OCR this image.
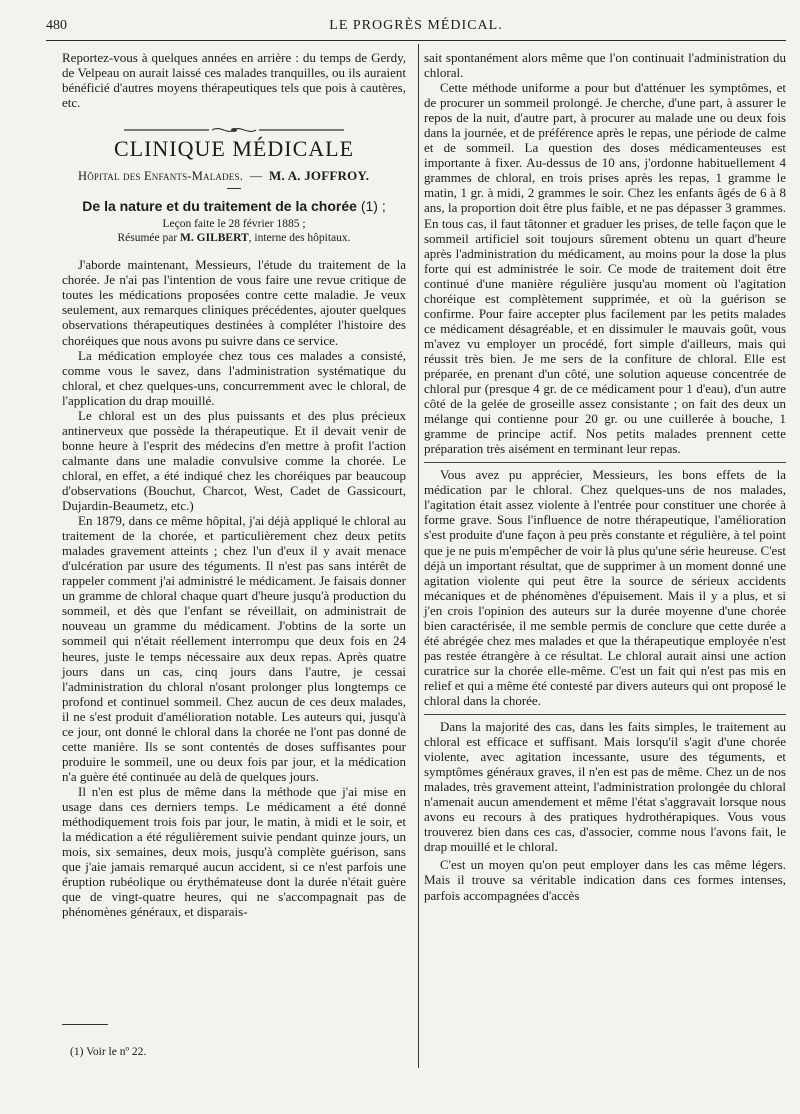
480	LE PROGRÈS MÉDICAL.

Reportez-vous à quelques années en arrière : du temps de Gerdy, de Velpeau on aurait laissé ces malades tranquilles, ou ils auraient bénéficié d'autres moyens thérapeutiques tels que pois à cautères, etc.

CLINIQUE MÉDICALE

Hôpital des Enfants-Malades. — M. A. JOFFROY.

De la nature et du traitement de la chorée (1) ;
Leçon faite le 28 février 1885 ;
Résumée par M. GILBERT, interne des hôpitaux.

J'aborde maintenant, Messieurs, l'étude du traitement de la chorée. Je n'ai pas l'intention de vous faire une revue critique de toutes les médications proposées contre cette maladie. Je veux seulement, aux remarques cliniques précédentes, ajouter quelques observations thérapeutiques destinées à compléter l'histoire des choréiques que nous avons pu suivre dans ce service.

La médication employée chez tous ces malades a consisté, comme vous le savez, dans l'administration systématique du chloral, et chez quelques-uns, concurremment avec le chloral, de l'application du drap mouillé.

Le chloral est un des plus puissants et des plus précieux antinerveux que possède la thérapeutique. Et il devait venir de bonne heure à l'esprit des médecins d'en mettre à profit l'action calmante dans une maladie convulsive comme la chorée. Le chloral, en effet, a été indiqué chez les choréiques par beaucoup d'observations (Bouchut, Charcot, West, Cadet de Gassicourt, Dujardin-Beaumetz, etc.)

En 1879, dans ce même hôpital, j'ai déjà appliqué le chloral au traitement de la chorée, et particulièrement chez deux petits malades gravement atteints ; chez l'un d'eux il y avait menace d'ulcération par usure des téguments. Il n'est pas sans intérêt de rappeler comment j'ai administré le médicament. Je faisais donner un gramme de chloral chaque quart d'heure jusqu'à production du sommeil, et dès que l'enfant se réveillait, on administrait de nouveau un gramme du médicament. J'obtins de la sorte un sommeil qui n'était réellement interrompu que deux fois en 24 heures, juste le temps nécessaire aux deux repas. Après quatre jours dans un cas, cinq jours dans l'autre, je cessai l'administration du chloral n'osant prolonger plus longtemps ce profond et continuel sommeil. Chez aucun de ces deux malades, il ne s'est produit d'amélioration notable. Les auteurs qui, jusqu'à ce jour, ont donné le chloral dans la chorée ne l'ont pas donné de cette manière. Ils se sont contentés de doses suffisantes pour produire le sommeil, une ou deux fois par jour, et la médication n'a guère été continuée au delà de quelques jours.

Il n'en est plus de même dans la méthode que j'ai mise en usage dans ces derniers temps. Le médicament a été donné méthodiquement trois fois par jour, le matin, à midi et le soir, et la médication a été régulièrement suivie pendant quinze jours, un mois, six semaines, deux mois, jusqu'à complète guérison, sans que j'aie jamais remarqué aucun accident, si ce n'est parfois une éruption rubéolique ou érythémateuse dont la durée n'était guère que de vingt-quatre heures, qui ne s'accompagnait pas de phénomènes généraux, et disparais-

(1) Voir le nº 22.

sait spontanément alors même que l'on continuait l'administration du chloral.

Cette méthode uniforme a pour but d'atténuer les symptômes, et de procurer un sommeil prolongé. Je cherche, d'une part, à assurer le repos de la nuit, d'autre part, à procurer au malade une ou deux fois dans la journée, et de préférence après le repas, une période de calme et de sommeil. La question des doses médicamenteuses est importante à fixer. Au-dessus de 10 ans, j'ordonne habituellement 4 grammes de chloral, en trois prises après les repas, 1 gramme le matin, 1 gr. à midi, 2 grammes le soir. Chez les enfants âgés de 6 à 8 ans, la proportion doit être plus faible, et ne pas dépasser 3 grammes. En tous cas, il faut tâtonner et graduer les prises, de telle façon que le sommeil artificiel soit toujours sûrement obtenu un quart d'heure après l'administration du médicament, au moins pour la dose la plus forte qui est administrée le soir. Ce mode de traitement doit être continué d'une manière régulière jusqu'au moment où l'agitation choréique est complètement supprimée, et où la guérison se confirme. Pour faire accepter plus facilement par les petits malades ce médicament désagréable, et en dissimuler le mauvais goût, vous m'avez vu employer un procédé, fort simple d'ailleurs, mais qui réussit très bien. Je me sers de la confiture de chloral. Elle est préparée, en prenant d'un côté, une solution aqueuse concentrée de chloral pur (presque 4 gr. de ce médicament pour 1 d'eau), d'un autre côté de la gelée de groseille assez consistante ; on fait des deux un mélange qui contienne pour 20 gr. ou une cuillerée à bouche, 1 gramme de principe actif. Nos petits malades prennent cette préparation très aisément en terminant leur repas.

Vous avez pu apprécier, Messieurs, les bons effets de la médication par le chloral. Chez quelques-uns de nos malades, l'agitation était assez violente à l'entrée pour constituer une chorée à forme grave. Sous l'influence de notre thérapeutique, l'amélioration s'est produite d'une façon à peu près constante et régulière, à tel point que je ne puis m'empêcher de voir là plus qu'une série heureuse. C'est déjà un important résultat, que de supprimer à un moment donné une agitation violente qui peut être la source de sérieux accidents mécaniques et de phénomènes d'épuisement. Mais il y a plus, et si j'en crois l'opinion des auteurs sur la durée moyenne d'une chorée bien caractérisée, il me semble permis de conclure que cette durée a été abrégée chez mes malades et que la thérapeutique employée n'est pas restée étrangère à ce résultat. Le chloral aurait ainsi une action curatrice sur la chorée elle-même. C'est un fait qui n'est pas mis en relief et qui a même été contesté par divers auteurs qui ont proposé le chloral dans la chorée.

Dans la majorité des cas, dans les faits simples, le traitement au chloral est efficace et suffisant. Mais lorsqu'il s'agit d'une chorée violente, avec agitation incessante, usure des téguments, et symptômes généraux graves, il n'en est pas de même. Chez un de nos malades, très gravement atteint, l'administration prolongée du chloral n'amenait aucun amendement et même l'état s'aggravait lorsque nous avons eu recours à des pratiques hydrothérapiques. Vous vous trouverez bien dans ces cas, d'associer, comme nous l'avons fait, le drap mouillé et le chloral.

C'est un moyen qu'on peut employer dans les cas même légers. Mais il trouve sa véritable indication dans ces formes intenses, parfois accompagnées d'accès
